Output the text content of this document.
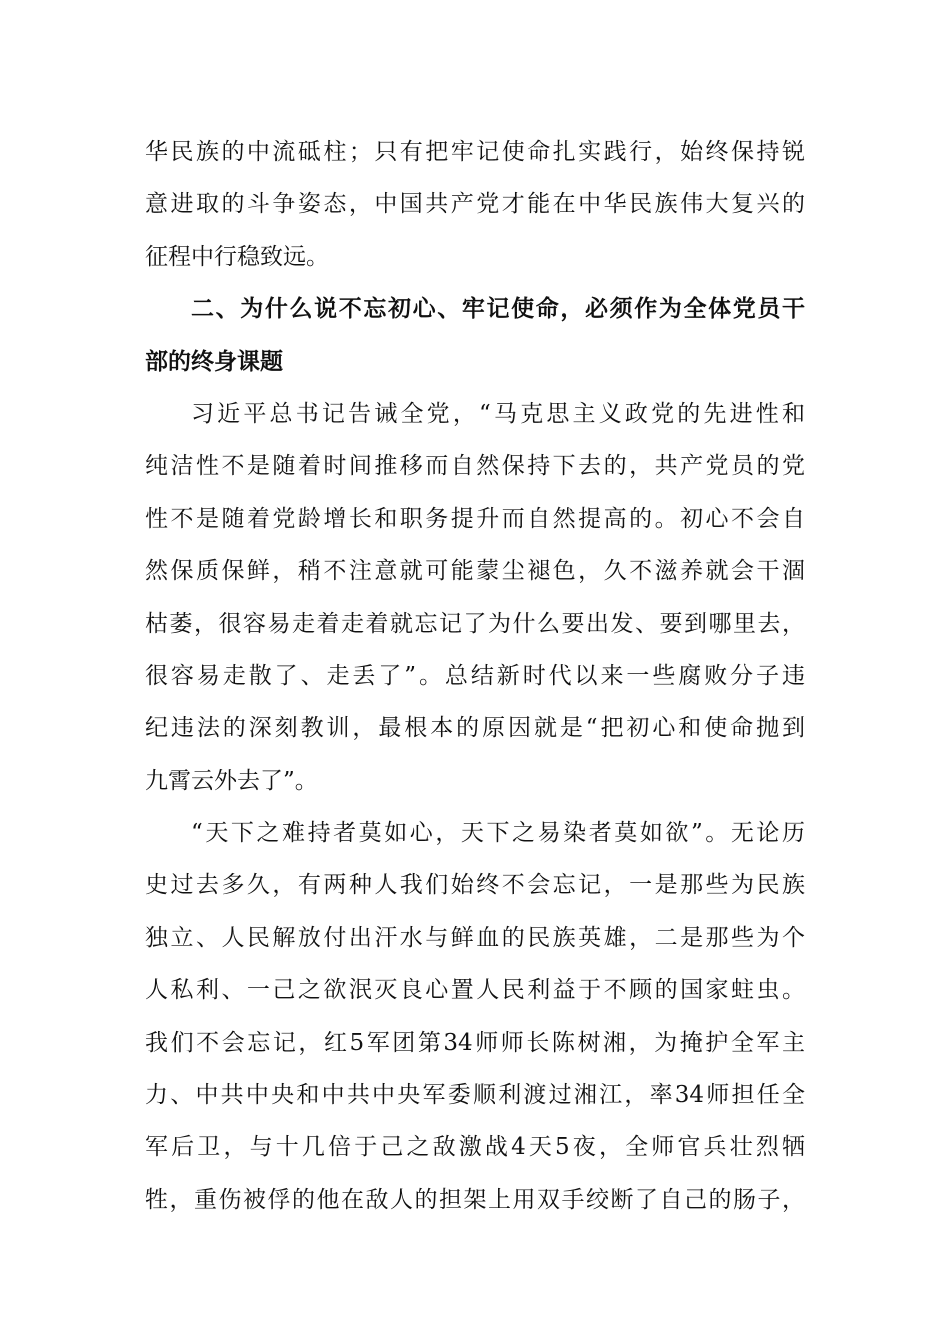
华民族的中流砥柱；只有把牢记使命扎实践行，始终保持锐
意进取的斗争姿态，中国共产党才能在中华民族伟大复兴的
征程中行稳致远。
二、为什么说不忘初心、牢记使命，必须作为全体党员干
部的终身课题
习近平总书记告诫全党，“马克思主义政党的先进性和
纯洁性不是随着时间推移而自然保持下去的，共产党员的党
性不是随着党龄增长和职务提升而自然提高的。初心不会自
然保质保鲜，稍不注意就可能蒙尘褪色，久不滋养就会干涸
枯萎，很容易走着走着就忘记了为什么要出发、要到哪里去，
很容易走散了、走丢了”。总结新时代以来一些腐败分子违
纪违法的深刻教训，最根本的原因就是“把初心和使命抛到
九霄云外去了”。
“天下之难持者莫如心，天下之易染者莫如欲”。无论历
史过去多久，有两种人我们始终不会忘记，一是那些为民族
独立、人民解放付出汗水与鲜血的民族英雄，二是那些为个
人私利、一己之欲泯灭良心置人民利益于不顾的国家蛀虫。
我们不会忘记，红5军团第34师师长陈树湘，为掩护全军主
力、中共中央和中共中央军委顺利渡过湘江，率34师担任全
军后卫，与十几倍于己之敌激战4天5夜，全师官兵壮烈牺
牲，重伤被俘的他在敌人的担架上用双手绞断了自己的肠子，
